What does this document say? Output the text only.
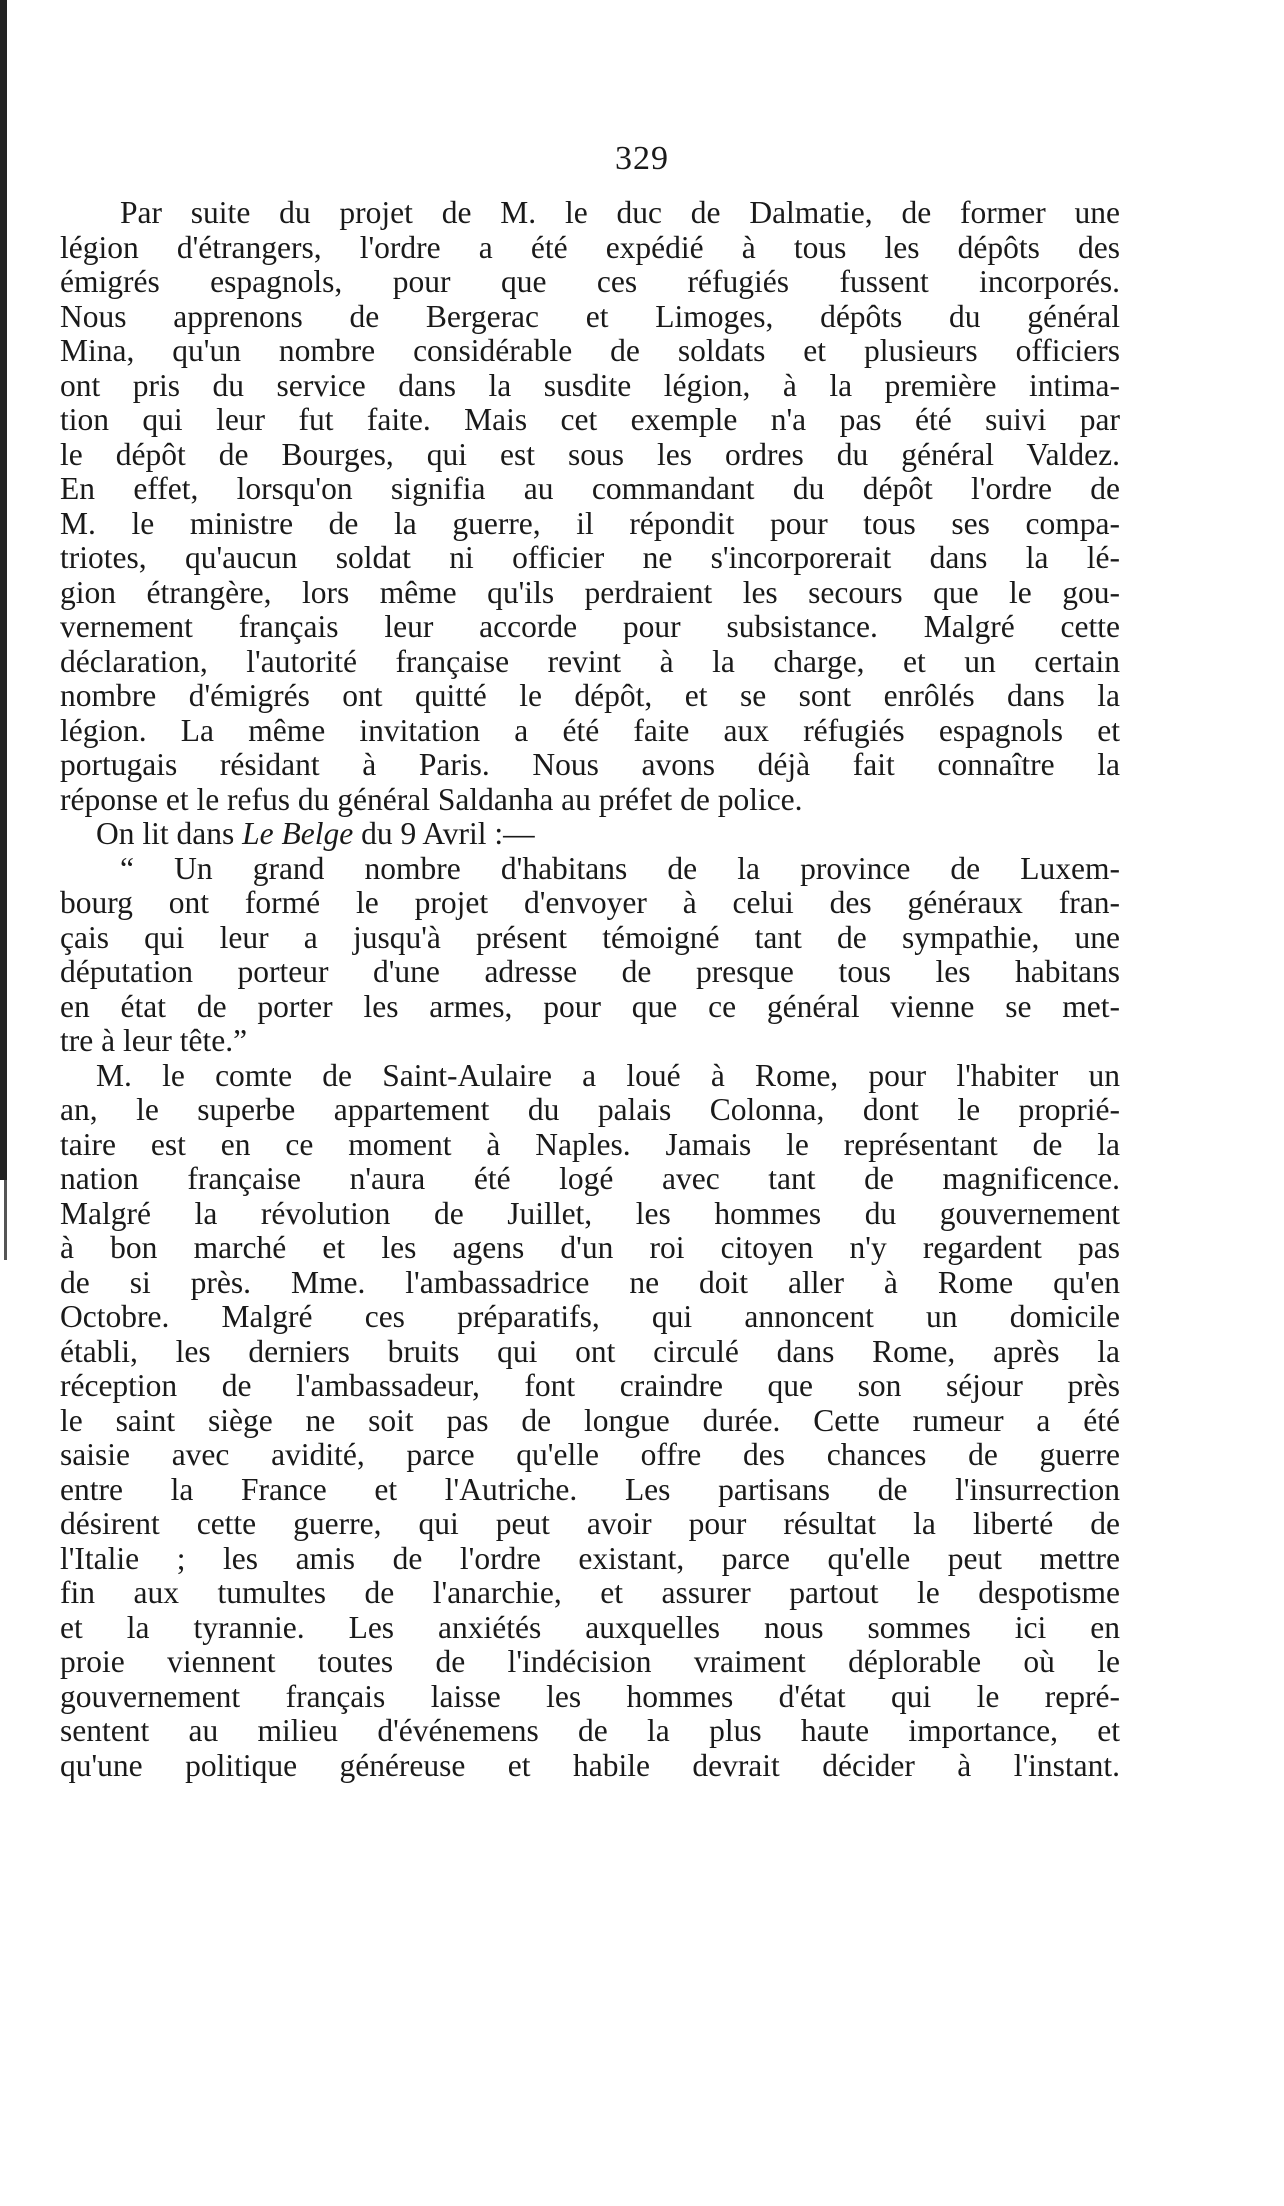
329
Par suite du projet de M. le duc de Dalmatie, de former une
légion d'étrangers, l'ordre a été expédié à tous les dépôts des
émigrés espagnols, pour que ces réfugiés fussent incorporés.
Nous apprenons de Bergerac et Limoges, dépôts du général
Mina, qu'un nombre considérable de soldats et plusieurs officiers
ont pris du service dans la susdite légion, à la première intima-
tion qui leur fut faite. Mais cet exemple n'a pas été suivi par
le dépôt de Bourges, qui est sous les ordres du général Valdez.
En effet, lorsqu'on signifia au commandant du dépôt l'ordre de
M. le ministre de la guerre, il répondit pour tous ses compa-
triotes, qu'aucun soldat ni officier ne s'incorporerait dans la lé-
gion étrangère, lors même qu'ils perdraient les secours que le gou-
vernement français leur accorde pour subsistance. Malgré cette
déclaration, l'autorité française revint à la charge, et un certain
nombre d'émigrés ont quitté le dépôt, et se sont enrôlés dans la
légion. La même invitation a été faite aux réfugiés espagnols et
portugais résidant à Paris. Nous avons déjà fait connaître la
réponse et le refus du général Saldanha au préfet de police.
On lit dans Le Belge du 9 Avril :—
“ Un grand nombre d'habitans de la province de Luxem-
bourg ont formé le projet d'envoyer à celui des généraux fran-
çais qui leur a jusqu'à présent témoigné tant de sympathie, une
députation porteur d'une adresse de presque tous les habitans
en état de porter les armes, pour que ce général vienne se met-
tre à leur tête.”
M. le comte de Saint-Aulaire a loué à Rome, pour l'habiter un
an, le superbe appartement du palais Colonna, dont le proprié-
taire est en ce moment à Naples. Jamais le représentant de la
nation française n'aura été logé avec tant de magnificence.
Malgré la révolution de Juillet, les hommes du gouvernement
à bon marché et les agens d'un roi citoyen n'y regardent pas
de si près. Mme. l'ambassadrice ne doit aller à Rome qu'en
Octobre. Malgré ces préparatifs, qui annoncent un domicile
établi, les derniers bruits qui ont circulé dans Rome, après la
réception de l'ambassadeur, font craindre que son séjour près
le saint siège ne soit pas de longue durée. Cette rumeur a été
saisie avec avidité, parce qu'elle offre des chances de guerre
entre la France et l'Autriche. Les partisans de l'insurrection
désirent cette guerre, qui peut avoir pour résultat la liberté de
l'Italie ; les amis de l'ordre existant, parce qu'elle peut mettre
fin aux tumultes de l'anarchie, et assurer partout le despotisme
et la tyrannie. Les anxiétés auxquelles nous sommes ici en
proie viennent toutes de l'indécision vraiment déplorable où le
gouvernement français laisse les hommes d'état qui le repré-
sentent au milieu d'événemens de la plus haute importance, et
qu'une politique généreuse et habile devrait décider à l'instant.
